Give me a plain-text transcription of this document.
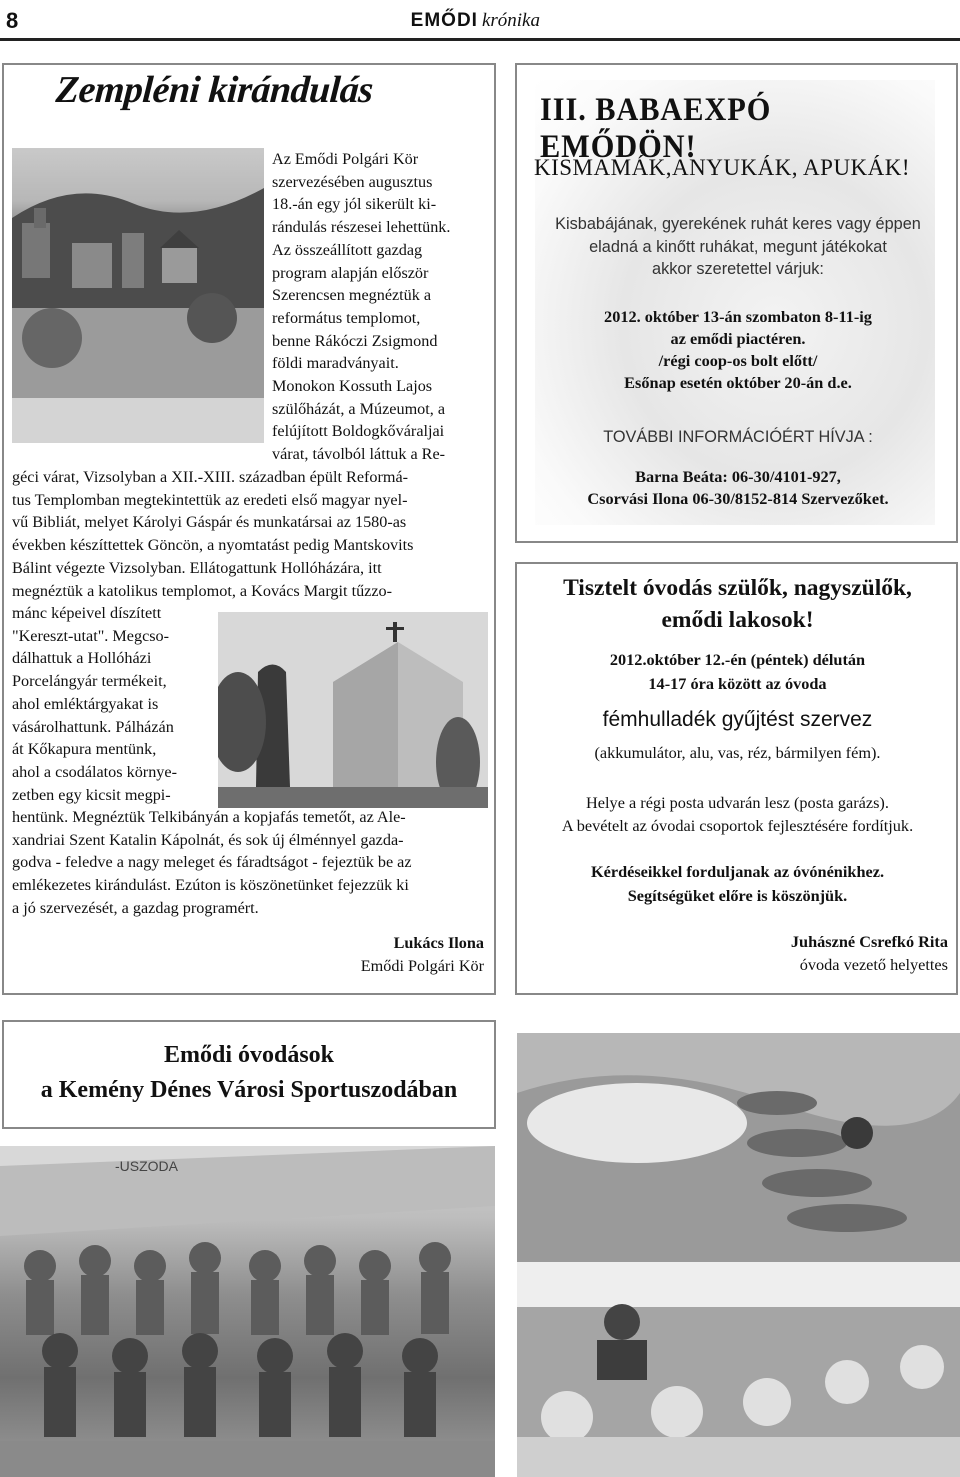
8	EMŐDI krónika
Zempléni kirándulás
Az Emődi Polgári Kör
szervezésében augusztus
18.-án egy jól sikerült ki-
rándulás részesei lehettünk.
Az összeállított gazdag
program alapján először
Szerencsen megnéztük a
református templomot,
benne Rákóczi Zsigmond
földi maradványait.
Monokon Kossuth Lajos
szülőházát, a Múzeumot, a
felújított Boldogkőváraljai
várat, távolból láttuk a Re-
géci várat, Vizsolyban a XII.-XIII. században épült Reformá-
tus Templomban megtekintettük az eredeti első magyar nyel-
vű Bibliát, melyet Károlyi Gáspár és munkatársai az 1580-as
években készíttettek Göncön, a nyomtatást pedig Mantskovits
Bálint végezte Vizsolyban. Ellátogattunk Hollóházára, itt
megnéztük a katolikus templomot, a Kovács Margit tűzzo-
mánc képeivel díszített
"Kereszt-utat". Megcso-
dálhattuk a Hollóházi
Porcelángyár termékeit,
ahol emléktárgyakat is
vásárolhattunk. Pálházán
át Kőkapura mentünk,
ahol a csodálatos környe-
zetben egy kicsit megpi-
hentünk. Megnéztük Telkibányán a kopjafás temetőt, az Ale-
xandriai Szent Katalin Kápolnát, és sok új élménnyel gazda-
godva - feledve a nagy meleget és fáradtságot - fejeztük be az
emlékezetes kirándulást. Ezúton is köszönetünket fejezzük ki
a jó szervezését, a gazdag programért.
Lukács Ilona
Emődi Polgári Kör
III. BABAEXPÓ EMŐDÖN!
KISMAMÁK,ANYUKÁK, APUKÁK!
Kisbabájának, gyerekének ruhát keres vagy éppen
eladná a kinőtt ruhákat, megunt játékokat
akkor szeretettel várjuk:
2012. október 13-án szombaton 8-11-ig
az emődi piactéren.
/régi coop-os bolt előtt/
Esőnap esetén október 20-án d.e.
TOVÁBBI INFORMÁCIÓÉRT HÍVJA :
Barna Beáta: 06-30/4101-927,
Csorvási Ilona 06-30/8152-814 Szervezőket.
Tisztelt óvodás szülők, nagyszülők,
emődi lakosok!
2012.október 12.-én (péntek) délután
14-17 óra között az óvoda
fémhulladék gyűjtést szervez
(akkumulátor, alu, vas, réz, bármilyen fém).
Helye a régi posta udvarán lesz (posta garázs).
A bevételt az óvodai csoportok fejlesztésére fordítjuk.
Kérdéseikkel forduljanak az óvónénikhez.
Segítségüket előre is köszönjük.
Juhászné Csrefkó Rita
óvoda vezető helyettes
Emődi óvodások
a Kemény Dénes Városi Sportuszodában
-USZODA
